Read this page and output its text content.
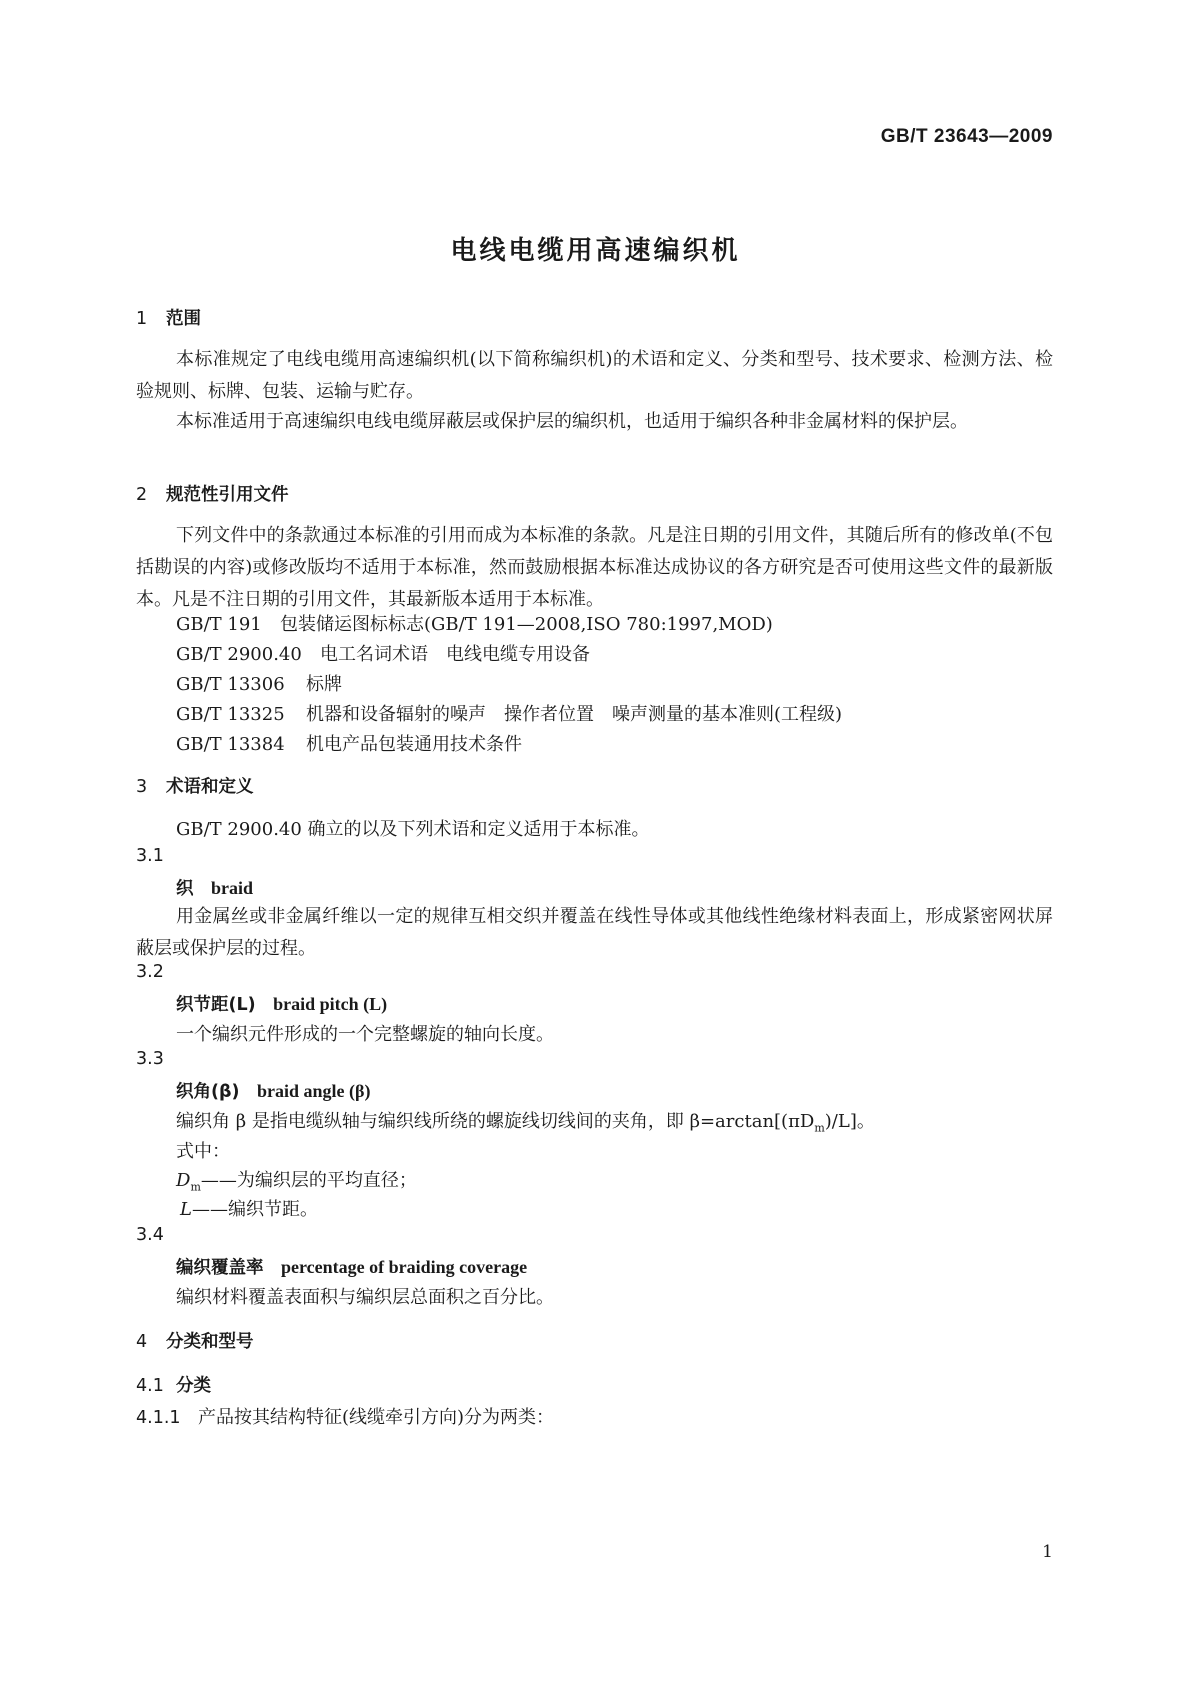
GB/T 23643—2009
电线电缆用高速编织机
1 范围
本标准规定了电线电缆用高速编织机(以下简称编织机)的术语和定义、分类和型号、技术要求、检测方法、检验规则、标牌、包装、运输与贮存。
本标准适用于高速编织电线电缆屏蔽层或保护层的编织机，也适用于编织各种非金属材料的保护层。
2 规范性引用文件
下列文件中的条款通过本标准的引用而成为本标准的条款。凡是注日期的引用文件，其随后所有的修改单(不包括勘误的内容)或修改版均不适用于本标准，然而鼓励根据本标准达成协议的各方研究是否可使用这些文件的最新版本。凡是不注日期的引用文件，其最新版本适用于本标准。
GB/T 191 包装储运图标标志(GB/T 191—2008,ISO 780:1997,MOD)
GB/T 2900.40 电工名词术语　电线电缆专用设备
GB/T 13306 标牌
GB/T 13325 机器和设备辐射的噪声　操作者位置　噪声测量的基本准则(工程级)
GB/T 13384 机电产品包装通用技术条件
3 术语和定义
GB/T 2900.40 确立的以及下列术语和定义适用于本标准。
3.1
织　 braid
用金属丝或非金属纤维以一定的规律互相交织并覆盖在线性导体或其他线性绝缘材料表面上，形成紧密网状屏蔽层或保护层的过程。
3.2
织节距(L)　 braid pitch (L)
一个编织元件形成的一个完整螺旋的轴向长度。
3.3
织角(β)　 braid angle (β)
编织角 β 是指电缆纵轴与编织线所绕的螺旋线切线间的夹角，即 $\beta=\arctan[(\pi D_m)/L]$。
式中：
$D_m——$为编织层的平均直径；
L——编织节距。
3.4
编织覆盖率　 percentage of braiding coverage
编织材料覆盖表面积与编织层总面积之百分比。
4 分类和型号
4.1 分类
4.1.1 产品按其结构特征(线缆牵引方向)分为两类：
1
